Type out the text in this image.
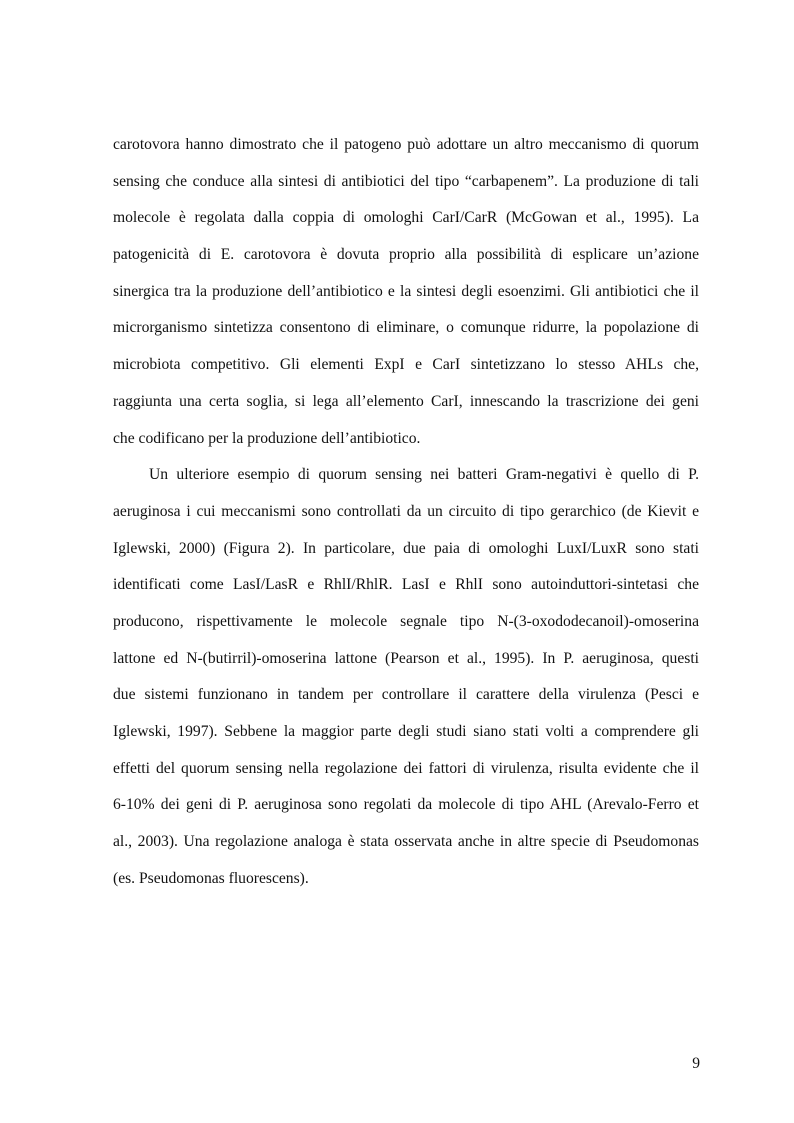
carotovora hanno dimostrato che il patogeno può adottare un altro meccanismo di quorum
sensing che conduce alla sintesi di antibiotici del tipo “carbapenem”. La produzione di tali
molecole è regolata dalla coppia di omologhi CarI/CarR (McGowan et al., 1995). La
patogenicità di E. carotovora è dovuta proprio alla possibilità di esplicare un’azione
sinergica tra la produzione dell’antibiotico e la sintesi degli esoenzimi. Gli antibiotici che il
microrganismo sintetizza consentono di eliminare, o comunque ridurre, la popolazione di
microbiota competitivo. Gli elementi ExpI e CarI sintetizzano lo stesso AHLs che,
raggiunta una certa soglia, si lega all’elemento CarI, innescando la trascrizione dei geni
che codificano per la produzione dell’antibiotico.

Un ulteriore esempio di quorum sensing nei batteri Gram-negativi è quello di P.
aeruginosa i cui meccanismi sono controllati da un circuito di tipo gerarchico (de Kievit e
Iglewski, 2000) (Figura 2). In particolare, due paia di omologhi LuxI/LuxR sono stati
identificati come LasI/LasR e RhlI/RhlR. LasI e RhlI sono autoinduttori-sintetasi che
producono, rispettivamente le molecole segnale tipo N-(3-oxododecanoil)-omoserina
lattone ed N-(butirril)-omoserina lattone (Pearson et al., 1995). In P. aeruginosa, questi
due sistemi funzionano in tandem per controllare il carattere della virulenza (Pesci e
Iglewski, 1997). Sebbene la maggior parte degli studi siano stati volti a comprendere gli
effetti del quorum sensing nella regolazione dei fattori di virulenza, risulta evidente che il
6-10% dei geni di P. aeruginosa sono regolati da molecole di tipo AHL (Arevalo-Ferro et
al., 2003). Una regolazione analoga è stata osservata anche in altre specie di Pseudomonas
(es. Pseudomonas fluorescens).

9
